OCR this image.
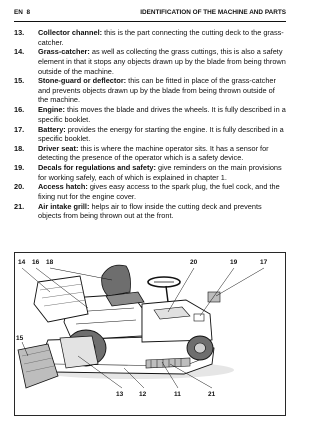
EN 8	IDENTIFICATION OF THE MACHINE AND PARTS
13.	Collector channel: this is the part connecting the cutting deck to the grass-catcher.
14.	Grass-catcher: as well as collecting the grass cuttings, this is also a safety element in that it stops any objects drawn up by the blade from being thrown outside of the machine.
15.	Stone-guard or deflector: this can be fitted in place of the grass-catcher and prevents objects drawn up by the blade from being thrown outside of the machine.
16.	Engine: this moves the blade and drives the wheels. It is fully described in a specific booklet.
17.	Battery: provides the energy for starting the engine. It is fully described in a specific booklet.
18.	Driver seat: this is where the machine operator sits. It has a sensor for detecting the presence of the operator which is a safety device.
19.	Decals for regulations and safety: give reminders on the main provisions for working safely, each of which is explained in chapter 1.
20.	Access hatch: gives easy access to the spark plug, the fuel cock, and the fixing nut for the engine cover.
21.	Air intake grill: helps air to flow inside the cutting deck and prevents objects from being thrown out at the front.
14 16 18	20	19	17
15
13 12	11	21
